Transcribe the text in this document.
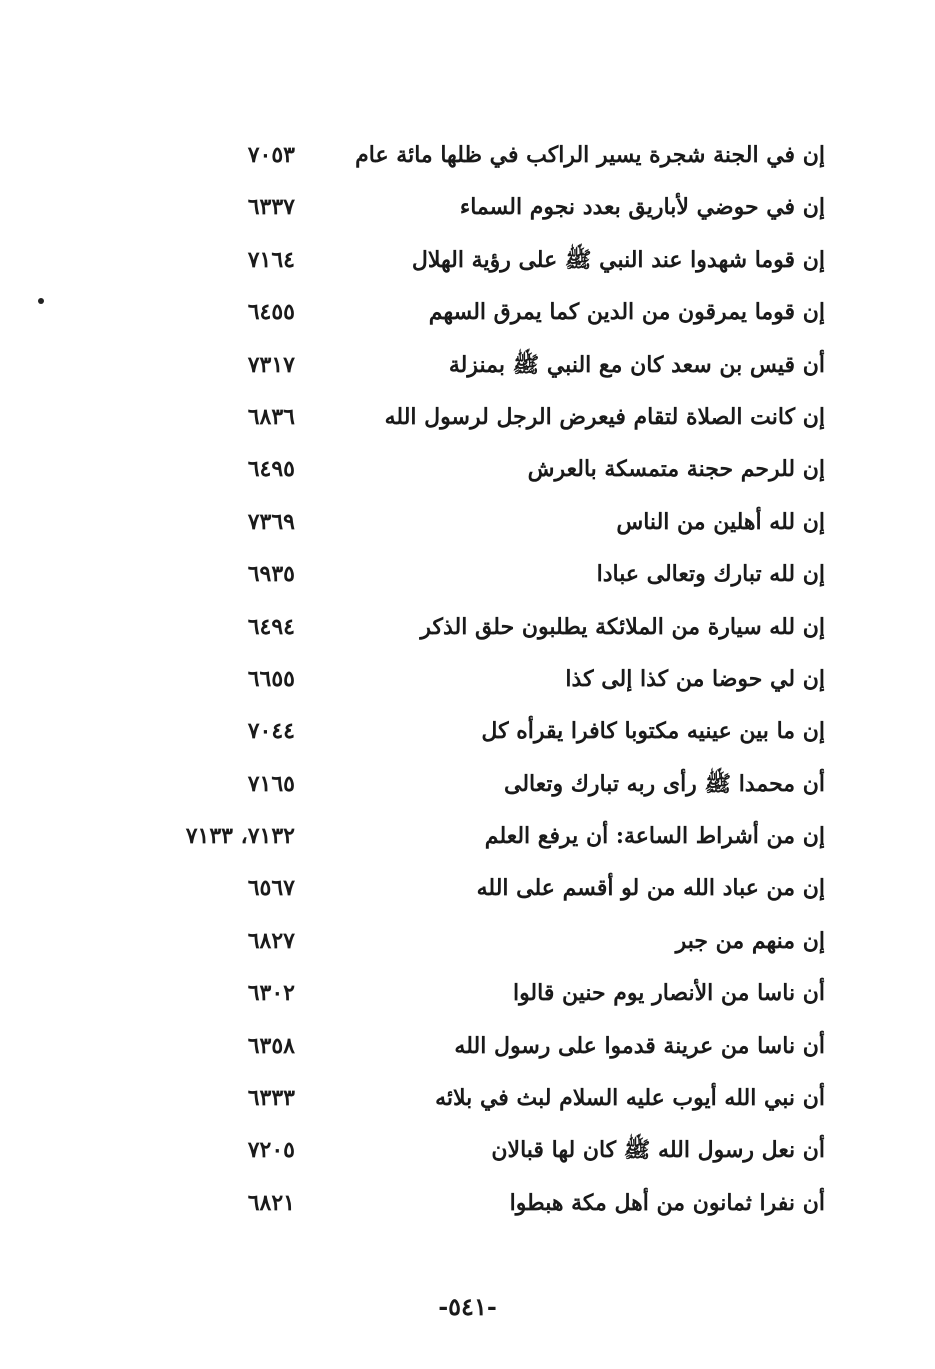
إن في الجنة شجرة يسير الراكب في ظلها مائة عام
٧٠٥٣
إن في حوضي لأباريق بعدد نجوم السماء
٦٣٣٧
إن قوما شهدوا عند النبي ﷺ على رؤية الهلال
٧١٦٤
إن قوما يمرقون من الدين كما يمرق السهم
٦٤٥٥
أن قيس بن سعد كان مع النبي ﷺ بمنزلة
٧٣١٧
إن كانت الصلاة لتقام فيعرض الرجل لرسول الله
٦٨٣٦
إن للرحم حجنة متمسكة بالعرش
٦٤٩٥
إن لله أهلين من الناس
٧٣٦٩
إن لله تبارك وتعالى عبادا
٦٩٣٥
إن لله سيارة من الملائكة يطلبون حلق الذكر
٦٤٩٤
إن لي حوضا من كذا إلى كذا
٦٦٥٥
إن ما بين عينيه مكتوبا كافرا يقرأه كل
٧٠٤٤
أن محمدا ﷺ رأى ربه تبارك وتعالى
٧١٦٥
إن من أشراط الساعة: أن يرفع العلم
٧١٣٢، ٧١٣٣
إن من عباد الله من لو أقسم على الله
٦٥٦٧
إن منهم من جبر
٦٨٢٧
أن ناسا من الأنصار يوم حنين قالوا
٦٣٠٢
أن ناسا من عرينة قدموا على رسول الله
٦٣٥٨
أن نبي الله أيوب عليه السلام لبث في بلائه
٦٣٣٣
أن نعل رسول الله ﷺ كان لها قبالان
٧٢٠٥
أن نفرا ثمانون من أهل مكة هبطوا
٦٨٢١
-٥٤١-
